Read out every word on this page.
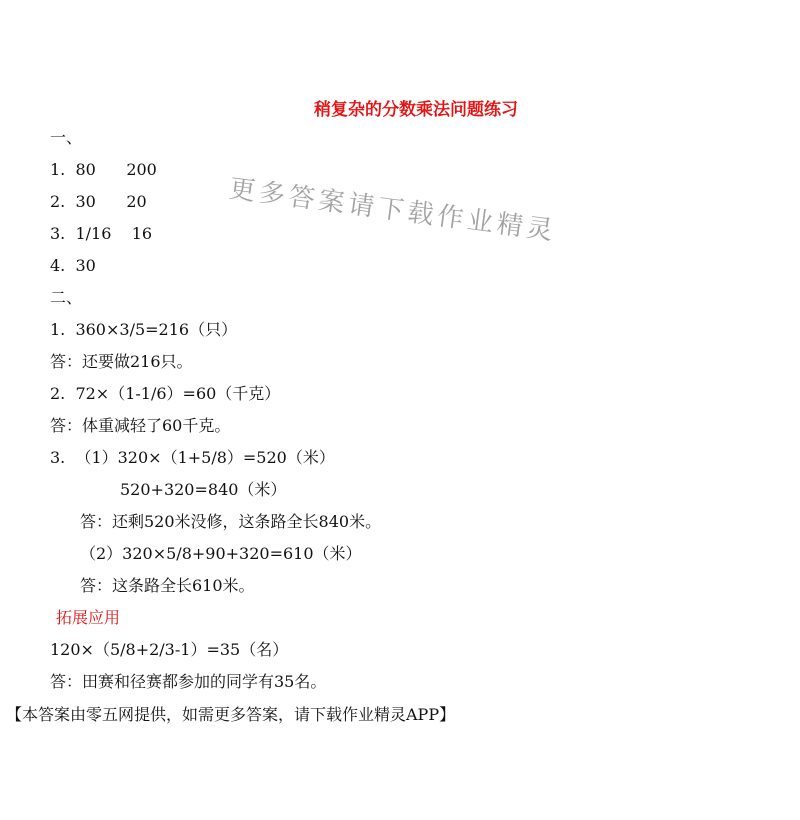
更多答案请下载作业精灵
稍复杂的分数乘法问题练习
一、
1.  80      200
2.  30      20
3.  1/16    16
4.  30
二、
1.  360×3/5=216（只）
答：还要做216只。
2.  72×（1-1/6）=60（千克）
答：体重减轻了60千克。
3.  （1）320×（1+5/8）=520（米）
520+320=840（米）
答：还剩520米没修，这条路全长840米。
（2）320×5/8+90+320=610（米）
答：这条路全长610米。
拓展应用
120×（5/8+2/3-1）=35（名）
答：田赛和径赛都参加的同学有35名。
【本答案由零五网提供，如需更多答案，请下载作业精灵APP】
